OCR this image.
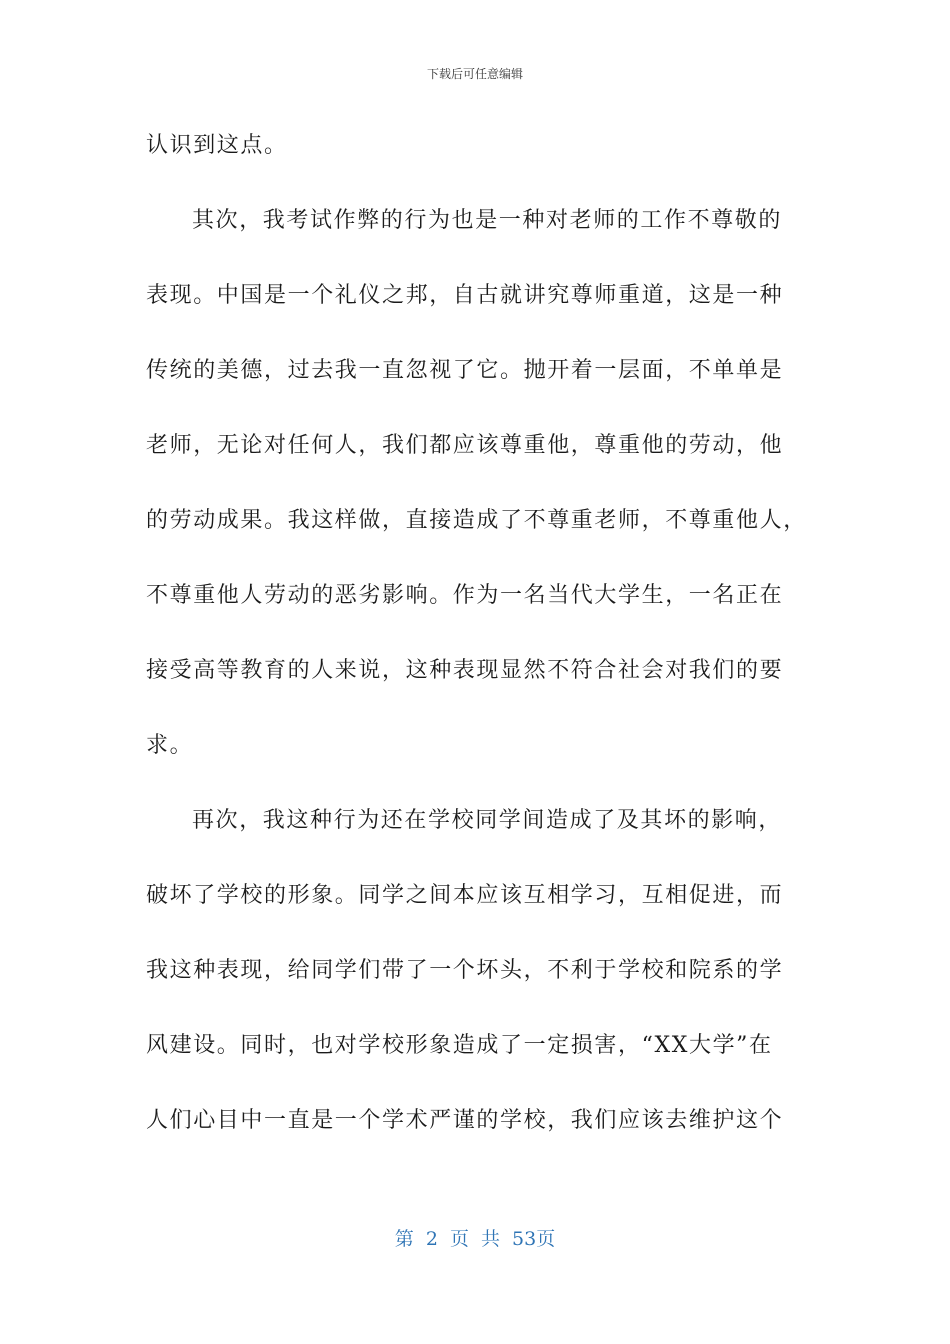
下载后可任意编辑
认识到这点。
其次，我考试作弊的行为也是一种对老师的工作不尊敬的
表现。中国是一个礼仪之邦，自古就讲究尊师重道，这是一种
传统的美德，过去我一直忽视了它。抛开着一层面，不单单是
老师，无论对任何人，我们都应该尊重他，尊重他的劳动，他
的劳动成果。我这样做，直接造成了不尊重老师，不尊重他人，
不尊重他人劳动的恶劣影响。作为一名当代大学生，一名正在
接受高等教育的人来说，这种表现显然不符合社会对我们的要
求。
再次，我这种行为还在学校同学间造成了及其坏的影响，
破坏了学校的形象。同学之间本应该互相学习，互相促进，而
我这种表现，给同学们带了一个坏头，不利于学校和院系的学
风建设。同时，也对学校形象造成了一定损害，“XX大学”在
人们心目中一直是一个学术严谨的学校，我们应该去维护这个
第 2 页 共 53页
